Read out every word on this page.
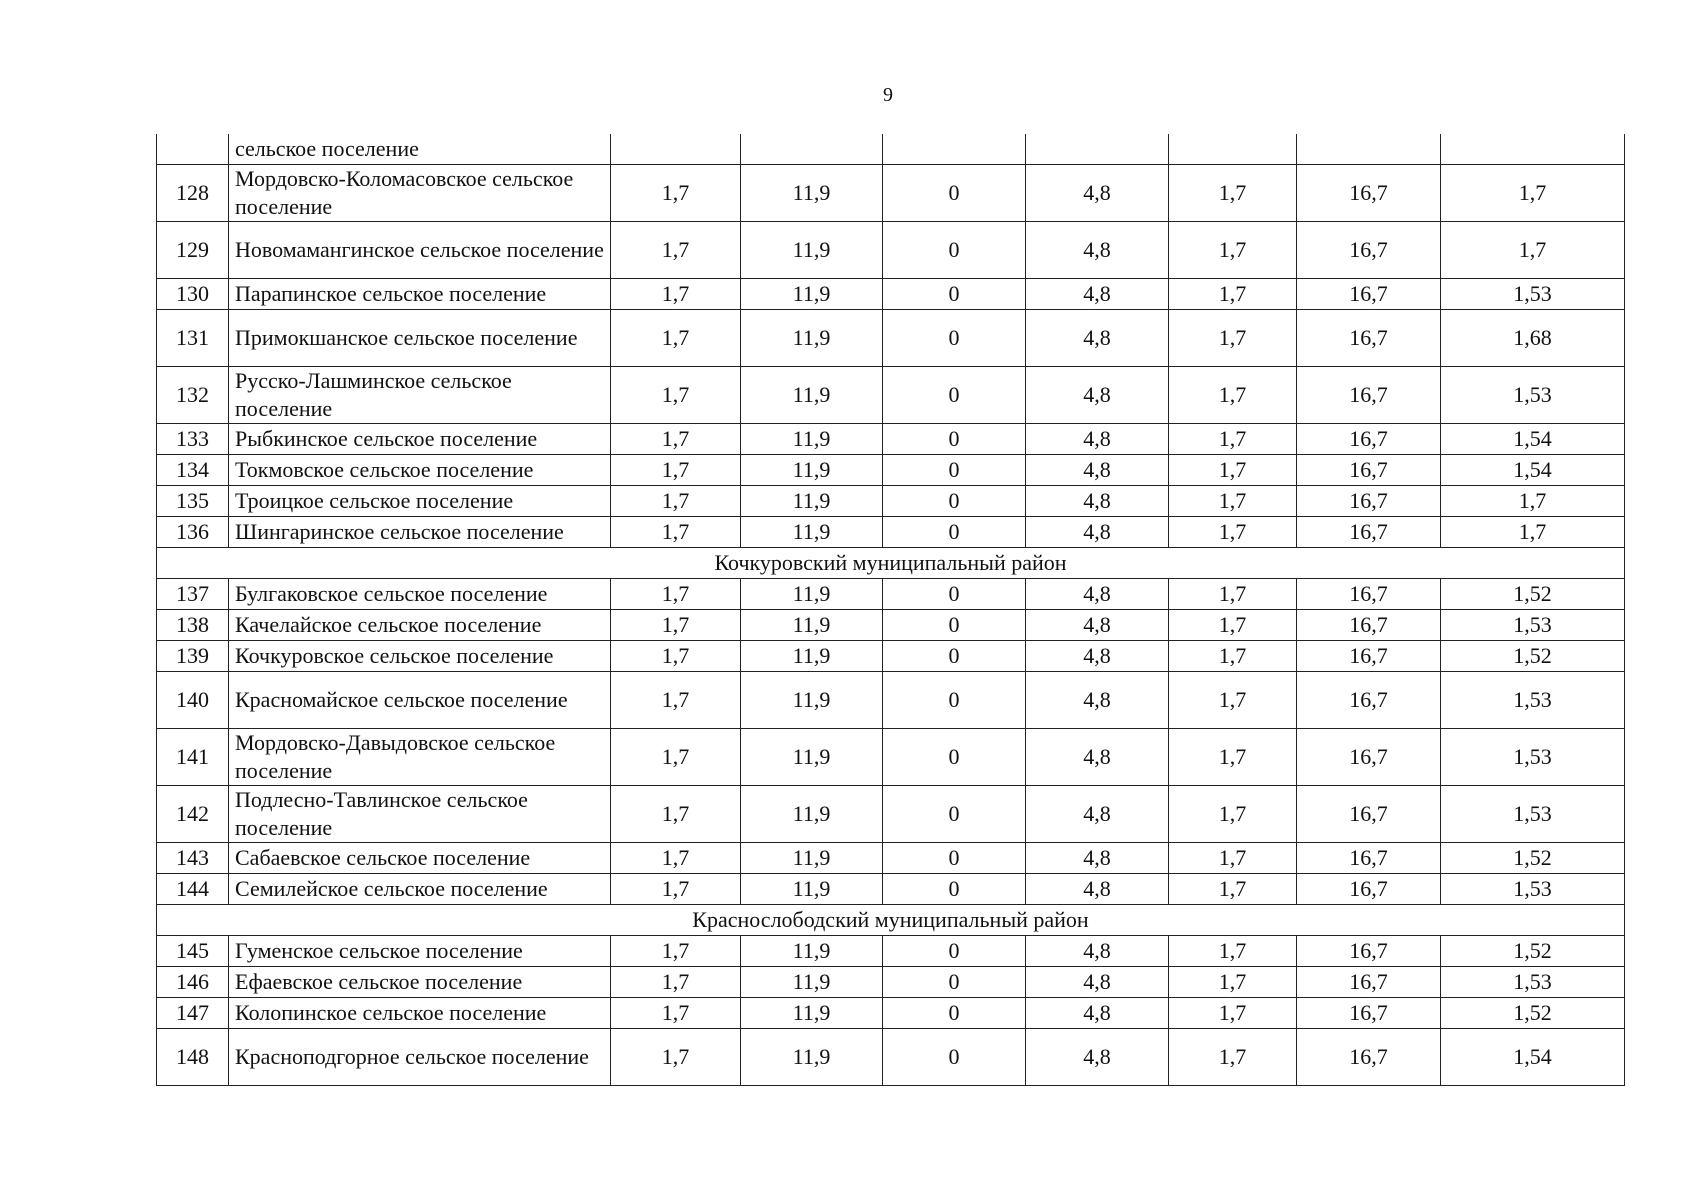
9
	сельское поселение							
128	Мордовско-Коломасовское сельское поселение	1,7	11,9	0	4,8	1,7	16,7	1,7
129	Новомамангинское сельское поселение	1,7	11,9	0	4,8	1,7	16,7	1,7
130	Парапинское сельское поселение	1,7	11,9	0	4,8	1,7	16,7	1,53
131	Примокшанское сельское поселение	1,7	11,9	0	4,8	1,7	16,7	1,68
132	Русско-Лашминское сельское поселение	1,7	11,9	0	4,8	1,7	16,7	1,53
133	Рыбкинское сельское поселение	1,7	11,9	0	4,8	1,7	16,7	1,54
134	Токмовское сельское поселение	1,7	11,9	0	4,8	1,7	16,7	1,54
135	Троицкое сельское поселение	1,7	11,9	0	4,8	1,7	16,7	1,7
136	Шингаринское сельское поселение	1,7	11,9	0	4,8	1,7	16,7	1,7
Кочкуровский муниципальный район								
137	Булгаковское сельское поселение	1,7	11,9	0	4,8	1,7	16,7	1,52
138	Качелайское сельское поселение	1,7	11,9	0	4,8	1,7	16,7	1,53
139	Кочкуровское сельское поселение	1,7	11,9	0	4,8	1,7	16,7	1,52
140	Красномайское сельское поселение	1,7	11,9	0	4,8	1,7	16,7	1,53
141	Мордовско-Давыдовское сельское поселение	1,7	11,9	0	4,8	1,7	16,7	1,53
142	Подлесно-Тавлинское сельское поселение	1,7	11,9	0	4,8	1,7	16,7	1,53
143	Сабаевское сельское поселение	1,7	11,9	0	4,8	1,7	16,7	1,52
144	Семилейское сельское поселение	1,7	11,9	0	4,8	1,7	16,7	1,53
Краснослободский муниципальный район								
145	Гуменское сельское поселение	1,7	11,9	0	4,8	1,7	16,7	1,52
146	Ефаевское сельское поселение	1,7	11,9	0	4,8	1,7	16,7	1,53
147	Колопинское сельское поселение	1,7	11,9	0	4,8	1,7	16,7	1,52
148	Красноподгорное сельское поселение	1,7	11,9	0	4,8	1,7	16,7	1,54
